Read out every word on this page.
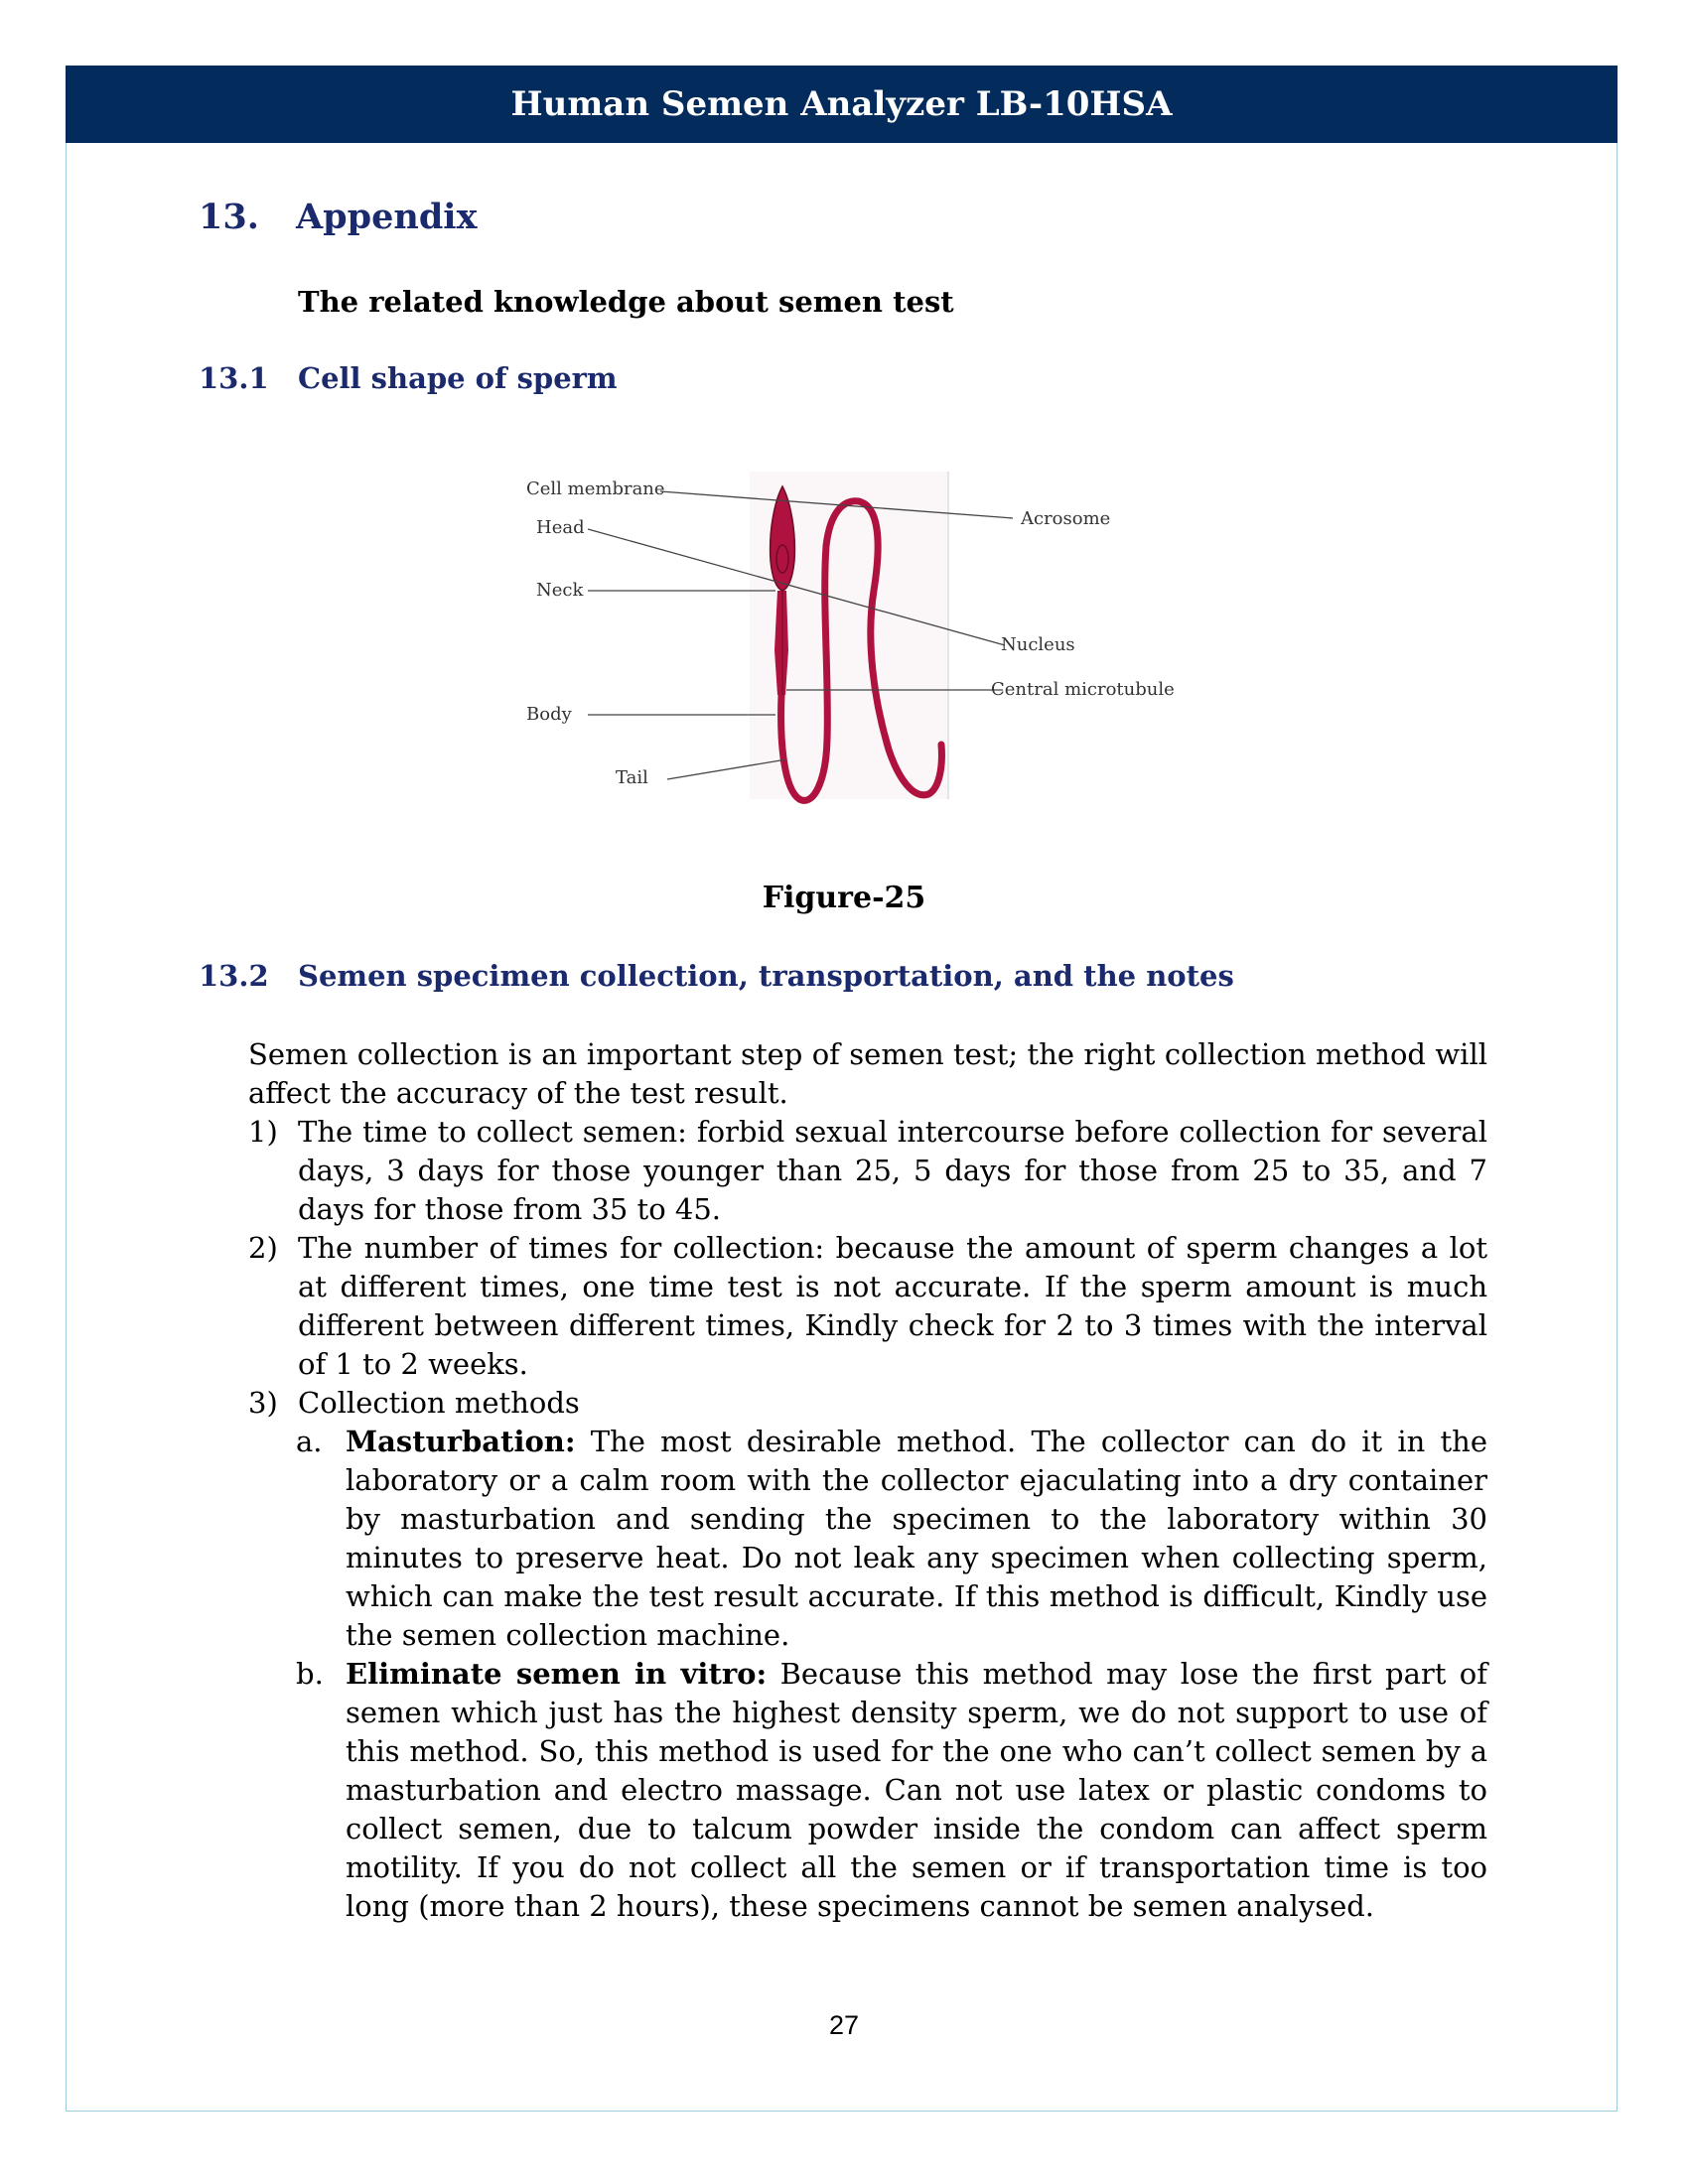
Human Semen Analyzer LB-10HSA
13. Appendix
The related knowledge about semen test
13.1 Cell shape of sperm
Cell membrane
Head
Neck
Body
Tail
Acrosome
Nucleus
Central microtubule
Figure-25
13.2 Semen specimen collection, transportation, and the notes
Semen collection is an important step of semen test; the right collection method will affect the accuracy of the test result.
1) The time to collect semen: forbid sexual intercourse before collection for several days, 3 days for those younger than 25, 5 days for those from 25 to 35, and 7 days for those from 35 to 45.
2) The number of times for collection: because the amount of sperm changes a lot at different times, one time test is not accurate. If the sperm amount is much different between different times, Kindly check for 2 to 3 times with the interval of 1 to 2 weeks.
3) Collection methods
a. Masturbation: The most desirable method. The collector can do it in the laboratory or a calm room with the collector ejaculating into a dry container by masturbation and sending the specimen to the laboratory within 30 minutes to preserve heat. Do not leak any specimen when collecting sperm, which can make the test result accurate. If this method is difficult, Kindly use the semen collection machine.
b. Eliminate semen in vitro: Because this method may lose the first part of semen which just has the highest density sperm, we do not support to use of this method. So, this method is used for the one who can’t collect semen by a masturbation and electro massage. Can not use latex or plastic condoms to collect semen, due to talcum powder inside the condom can affect sperm motility. If you do not collect all the semen or if transportation time is too long (more than 2 hours), these specimens cannot be semen analysed.
27
